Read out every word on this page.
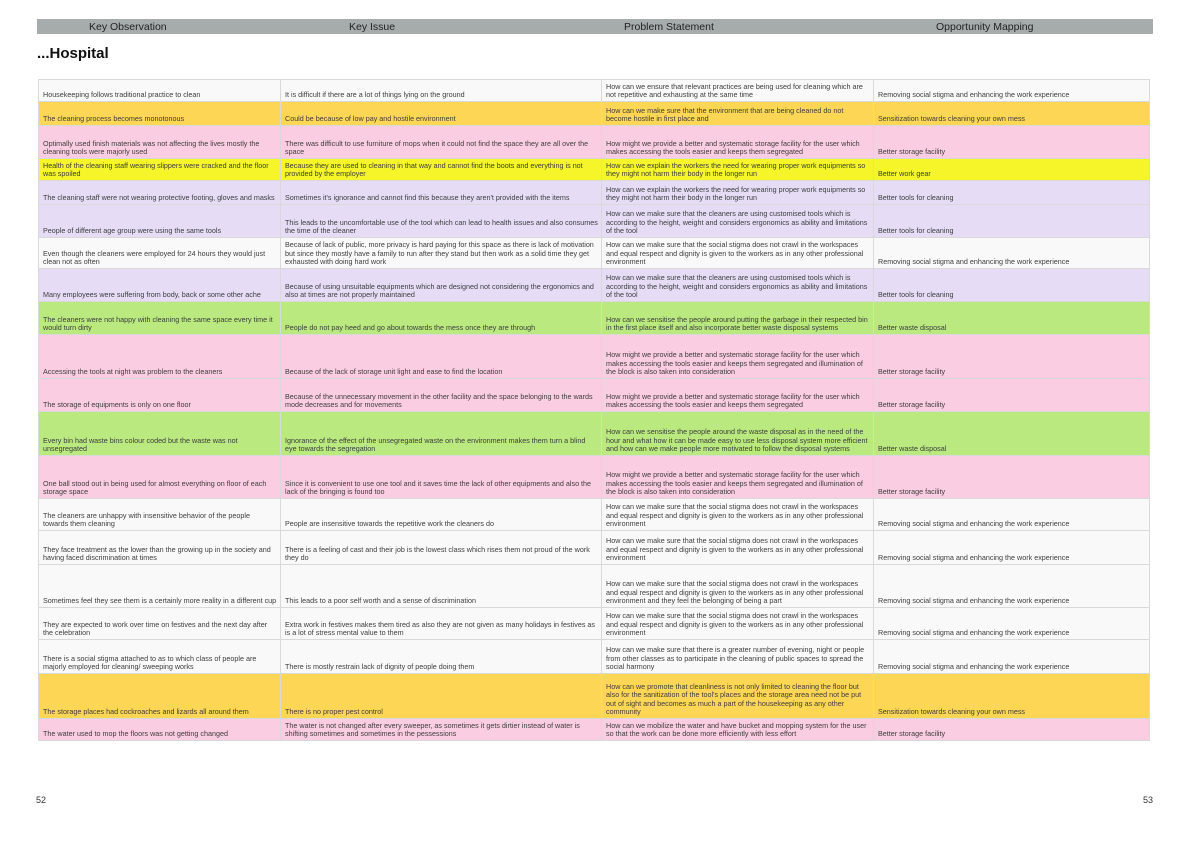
Key Observation	Key Issue	Problem Statement	Opportunity Mapping
...Hospital
Housekeeping follows traditional practice to clean	It is difficult if there are a lot of things lying on the ground	How can we ensure that relevant practices are being used for cleaning which are not repetitive and exhausting at the same time	Removing social stigma and enhancing the work experience
The cleaning process becomes monotonous	Could be because of low pay and hostile environment	How can we make sure that the environment that are being cleaned do not become hostile in first place and	Sensitization towards cleaning your own mess
Optimally used finish materials was not affecting the lives mostly the cleaning tools were majorly used	There was difficult to use furniture of mops when it could not find the space they are all over the space	How might we provide a better and systematic storage facility for the user which makes accessing the tools easier and keeps them segregated	Better storage facility
Health of the cleaning staff wearing slippers were cracked and the floor was spoiled	Because they are used to cleaning in that way and cannot find the boots and everything is not provided by the employer	How can we explain the workers the need for wearing proper work equipments so they might not harm their body in the longer run	Better work gear
The cleaning staff were not wearing protective footing, gloves and masks	Sometimes it's ignorance and cannot find this because they aren't provided with the items	How can we explain the workers the need for wearing proper work equipments so they might not harm their body in the longer run	Better tools for cleaning
People of different age group were using the same tools	This leads to the uncomfortable use of the tool which can lead to health issues and also consumes the time of the cleaner	How can we make sure that the cleaners are using customised tools which is according to the height, weight and considers ergonomics as ability and limitations of the tool	Better tools for cleaning
Even though the cleaners were employed for 24 hours they would just clean not as often	Because of lack of public, more privacy is hard paying for this space as there is lack of motivation but since they mostly have a family to run after they stand but then work as a solid time they get exhausted with doing hard work	How can we make sure that the social stigma does not crawl in the workspaces and equal respect and dignity is given to the workers as in any other professional environment	Removing social stigma and enhancing the work experience
Many employees were suffering from body, back or some other ache	Because of using unsuitable equipments which are designed not considering the ergonomics and also at times are not properly maintained	How can we make sure that the cleaners are using customised tools which is according to the height, weight and considers ergonomics as ability and limitations of the tool	Better tools for cleaning
The cleaners were not happy with cleaning the same space every time it would turn dirty	People do not pay heed and go about towards the mess once they are through	How can we sensitise the people around putting the garbage in their respected bin in the first place itself and also incorporate better waste disposal systems	Better waste disposal
Accessing the tools at night was problem to the cleaners	Because of the lack of storage unit light and ease to find the location	How might we provide a better and systematic storage facility for the user which makes accessing the tools easier and keeps them segregated and illumination of the block is also taken into consideration	Better storage facility
The storage of equipments is only on one floor	Because of the unnecessary movement in the other facility and the space belonging to the wards mode decreases and for movements	How might we provide a better and systematic storage facility for the user which makes accessing the tools easier and keeps them segregated	Better storage facility
Every bin had waste bins colour coded but the waste was not unsegregated	Ignorance of the effect of the unsegregated waste on the environment makes them turn a blind eye towards the segregation	How can we sensitise the people around the waste disposal as in the need of the hour and what how it can be made easy to use less disposal system more efficient and how can we make people more motivated to follow the disposal systems	Better waste disposal
One ball stood out in being used for almost everything on floor of each storage space	Since it is convenient to use one tool and it saves time the lack of other equipments and also the lack of the bringing is found too	How might we provide a better and systematic storage facility for the user which makes accessing the tools easier and keeps them segregated and illumination of the block is also taken into consideration	Better storage facility
The cleaners are unhappy with insensitive behavior of the people towards them cleaning	People are insensitive towards the repetitive work the cleaners do	How can we make sure that the social stigma does not crawl in the workspaces and equal respect and dignity is given to the workers as in any other professional environment	Removing social stigma and enhancing the work experience
They face treatment as the lower than the growing up in the society and having faced discrimination at times	There is a feeling of cast and their job is the lowest class which rises them not proud of the work they do	How can we make sure that the social stigma does not crawl in the workspaces and equal respect and dignity is given to the workers as in any other professional environment	Removing social stigma and enhancing the work experience
Sometimes feel they see them is a certainly more reality in a different cup	This leads to a poor self worth and a sense of discrimination	How can we make sure that the social stigma does not crawl in the workspaces and equal respect and dignity is given to the workers as in any other professional environment and they feel the belonging of being a part	Removing social stigma and enhancing the work experience
They are expected to work over time on festives and the next day after the celebration	Extra work in festives makes them tired as also they are not given as many holidays in festives as is a lot of stress mental value to them	How can we make sure that the social stigma does not crawl in the workspaces and equal respect and dignity is given to the workers as in any other professional environment	Removing social stigma and enhancing the work experience
There is a social stigma attached to as to which class of people are majorly employed for cleaning/ sweeping works	There is mostly restrain lack of dignity of people doing them	How can we make sure that there is a greater number of evening, night or people from other classes as to participate in the cleaning of public spaces to spread the social harmony	Removing social stigma and enhancing the work experience
The storage places had cockroaches and lizards all around them	There is no proper pest control	How can we promote that cleanliness is not only limited to cleaning the floor but also for the sanitization of the tool's places and the storage area need not be put out of sight and becomes as much a part of the housekeeping as any other community	Sensitization towards cleaning your own mess
The water used to mop the floors was not getting changed	The water is not changed after every sweeper, as sometimes it gets dirtier instead of water is shifting sometimes and sometimes in the pessessions	How can we mobilize the water and have bucket and mopping system for the user so that the work can be done more efficiently with less effort	Better storage facility
52	53
